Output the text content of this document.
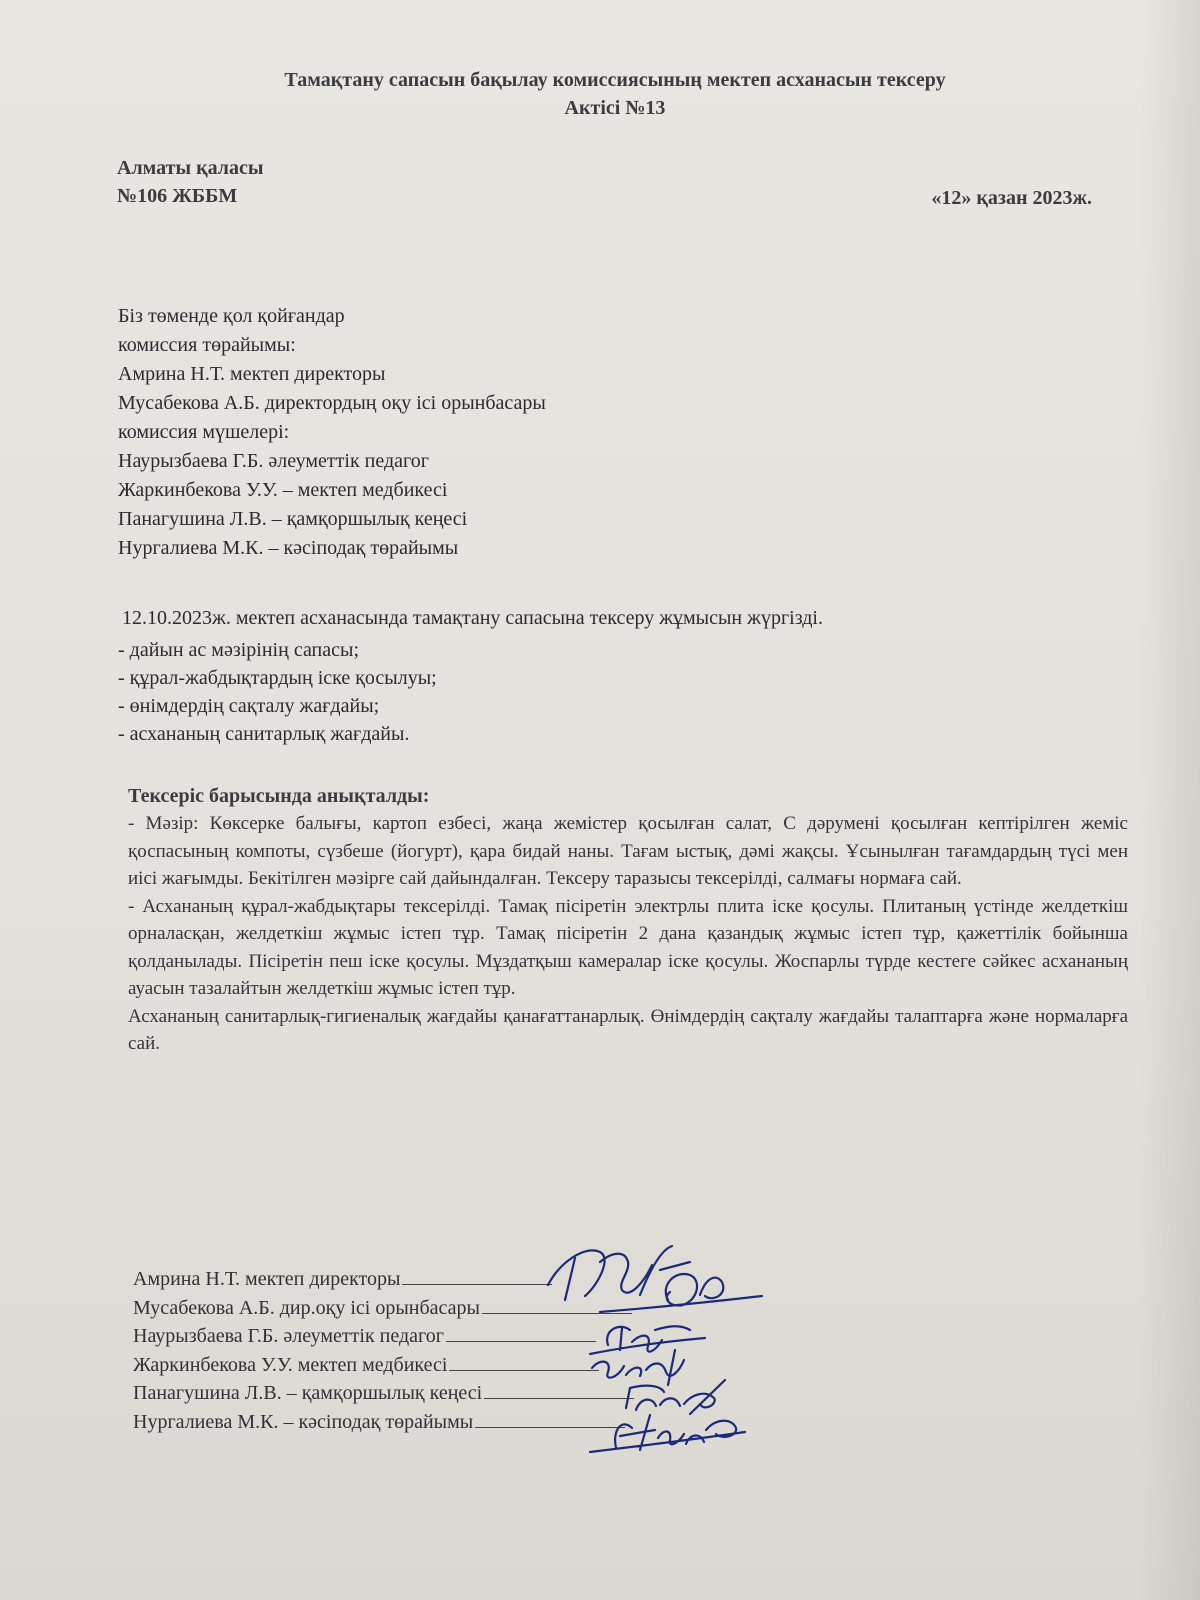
Тамақтану сапасын бақылау комиссиясының мектеп асханасын тексеру
Актісі №13
Алматы қаласы
№106 ЖББМ	«12» қазан 2023ж.
Біз төменде қол қойғандар
комиссия төрайымы:
Амрина Н.Т. мектеп директоры
Мусабекова А.Б. директордың оқу ісі орынбасары
комиссия мүшелері:
Наурызбаева Г.Б. әлеуметтік педагог
Жаркинбекова У.У. – мектеп медбикесі
Панагушина Л.В. – қамқоршылық кеңесі
Нургалиева М.К. – кәсіподақ төрайымы
12.10.2023ж. мектеп асханасында тамақтану сапасына тексеру жұмысын жүргізді.
- дайын ас мәзірінің сапасы;
- құрал-жабдықтардың іске қосылуы;
- өнімдердің сақталу жағдайы;
- асхананың санитарлық жағдайы.
Тексеріс барысында анықталды:

- Мәзір: Көксерке балығы, картоп езбесі, жаңа жемістер қосылған салат, С дәрумені қосылған кептірілген жеміс қоспасының компоты, сүзбеше (йогурт), қара бидай наны. Тағам ыстық, дәмі жақсы. Ұсынылған тағамдардың түсі мен иісі жағымды. Бекітілген мәзірге сай дайындалған. Тексеру таразысы тексерілді, салмағы нормаға сай.

- Асхананың құрал-жабдықтары тексерілді. Тамақ пісіретін электрлы плита іске қосулы. Плитаның үстінде желдеткіш орналасқан, желдеткіш жұмыс істеп тұр. Тамақ пісіретін 2 дана қазандық жұмыс істеп тұр, қажеттілік бойынша қолданылады. Пісіретін пеш іске қосулы. Мұздатқыш камералар іске қосулы. Жоспарлы түрде кестеге сәйкес асхананың ауасын тазалайтын желдеткіш жұмыс істеп тұр.

Асхананың санитарлық-гигиеналық жағдайы қанағаттанарлық. Өнімдердің сақталу жағдайы талаптарға және нормаларға сай.

Амрина Н.Т. мектеп директоры
Мусабекова А.Б. дир.оқу ісі орынбасары
Наурызбаева Г.Б. әлеуметтік педагог
Жаркинбекова У.У. мектеп медбикесі
Панагушина Л.В. – қамқоршылық кеңесі
Нургалиева М.К. – кәсіподақ төрайымы
